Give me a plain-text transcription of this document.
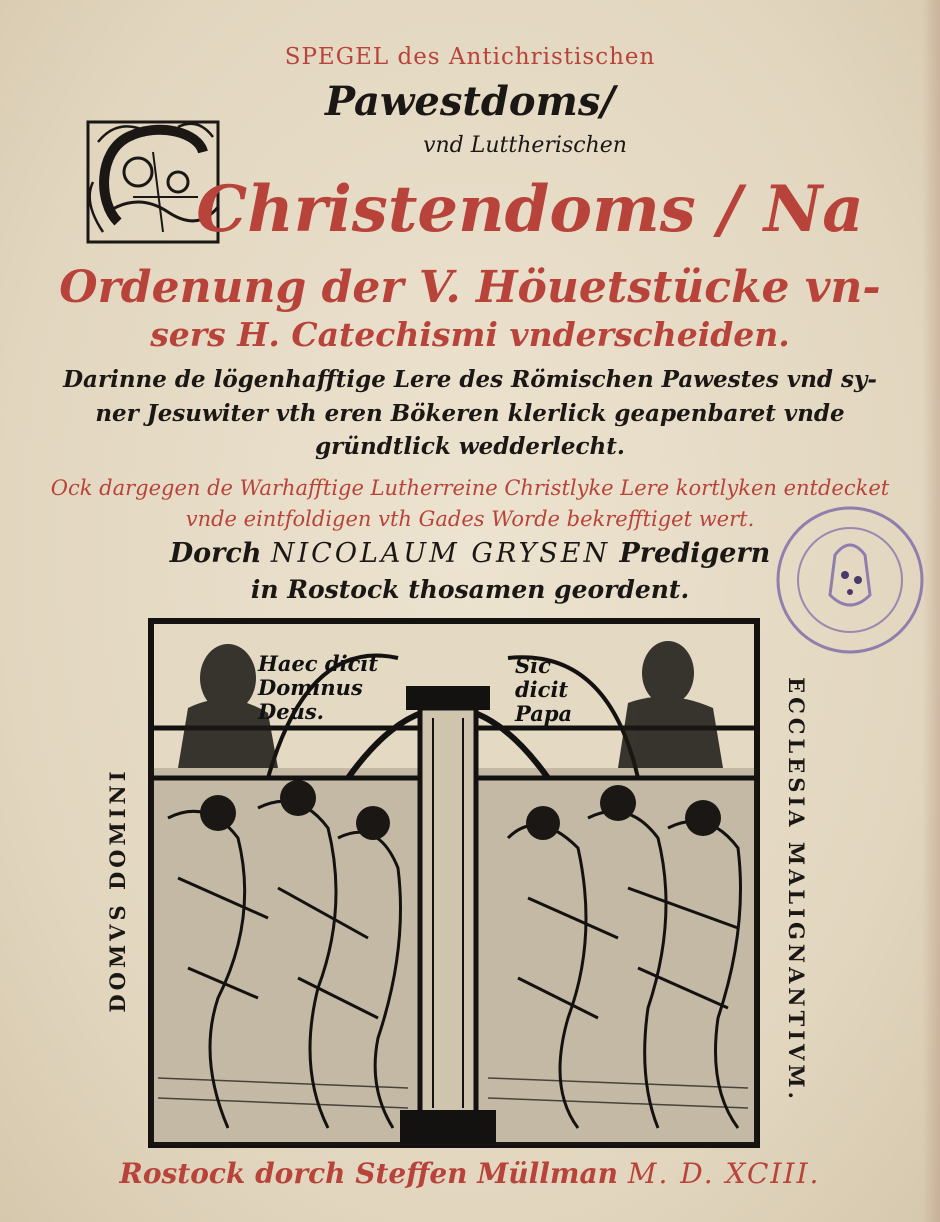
SPEGEL des Antichristischen
Pawestdoms/
vnd Luttherischen
Christendoms / Na
Ordenung der V. Höuetstücke vn-
sers H. Catechismi vnderscheiden.
Darinne de lögenhafftige Lere des Römischen Pawestes vnd sy-
ner Jesuwiter vth eren Bökeren klerlick geapenbaret vnde
gründtlick wedderlecht.
Ock dargegen de Warhafftige Lutherreine Christlyke Lere kortlyken entdecket
vnde eintfoldigen vth Gades Worde bekrefftiget wert.
Dorch NICOLAUM GRYSEN Predigern
in Rostock thosamen geordent.
Haec dicit Dominus Deus.
Sic dicit Papa
DOMVS DOMINI	ECCLESIA MALIGNANTIVM.
Rostock dorch Steffen Müllman M. D. XCIII.
